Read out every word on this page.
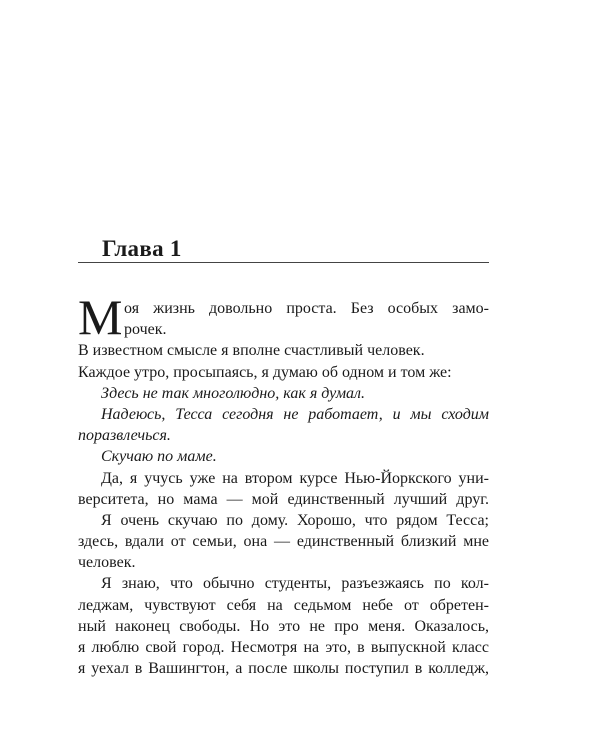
Глава 1
М оя жизнь довольно проста. Без особых замо-
рочек.
В известном смысле я вполне счастливый человек.
Каждое утро, просыпаясь, я думаю об одном и том же:
Здесь не так многолюдно, как я думал.
Надеюсь, Тесса сегодня не работает, и мы сходим
поразвлечься.
Скучаю по маме.
Да, я учусь уже на втором курсе Нью-Йоркского уни-
верситета, но мама — мой единственный лучший друг.
Я очень скучаю по дому. Хорошо, что рядом Тесса;
здесь, вдали от семьи, она — единственный близкий мне
человек.
Я знаю, что обычно студенты, разъезжаясь по кол-
леджам, чувствуют себя на седьмом небе от обретен-
ный наконец свободы. Но это не про меня. Оказалось,
я люблю свой город. Несмотря на это, в выпускной класс
я уехал в Вашингтон, а после школы поступил в колледж,
